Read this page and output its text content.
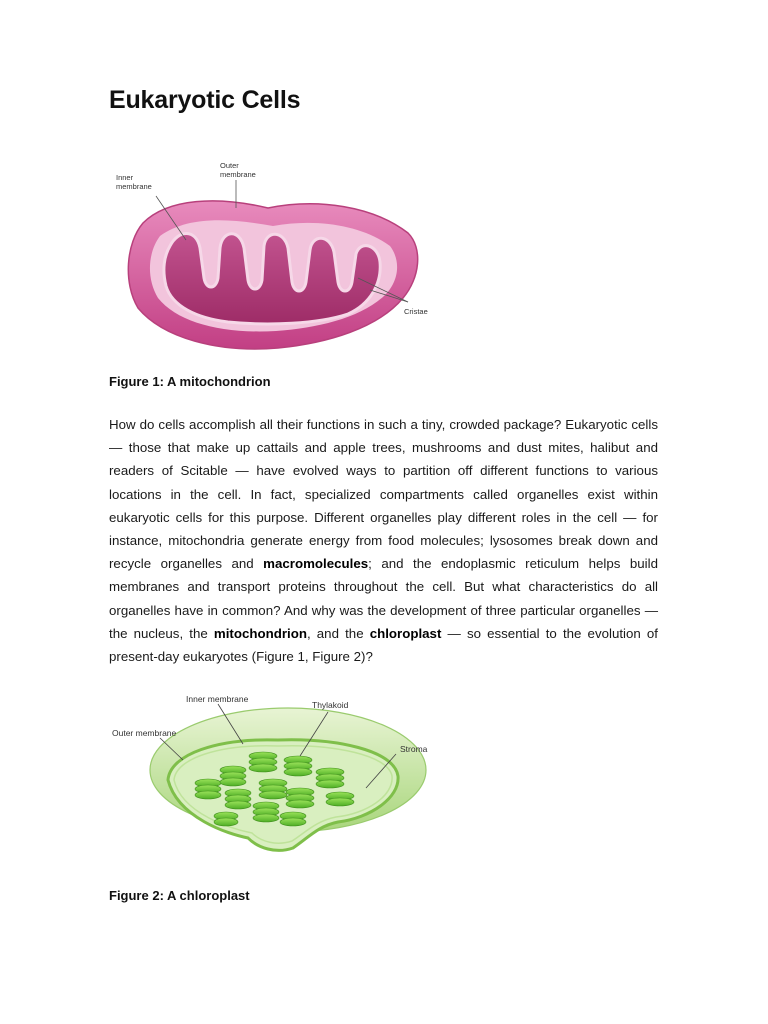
Eukaryotic Cells
Inner
membrane
Outer
membrane
Cristae

Figure 1: A mitochondrion

How do cells accomplish all their functions in such a tiny, crowded package? Eukaryotic cells — those that make up cattails and apple trees, mushrooms and dust mites, halibut and readers of Scitable — have evolved ways to partition off different functions to various locations in the cell. In fact, specialized compartments called organelles exist within eukaryotic cells for this purpose. Different organelles play different roles in the cell — for instance, mitochondria generate energy from food molecules; lysosomes break down and recycle organelles and macromolecules; and the endoplasmic reticulum helps build membranes and transport proteins throughout the cell. But what characteristics do all organelles have in common? And why was the development of three particular organelles — the nucleus, the mitochondrion, and the chloroplast — so essential to the evolution of present-day eukaryotes (Figure 1, Figure 2)?

Inner membrane
Thylakoid
Outer membrane
Stroma

Figure 2: A chloroplast
